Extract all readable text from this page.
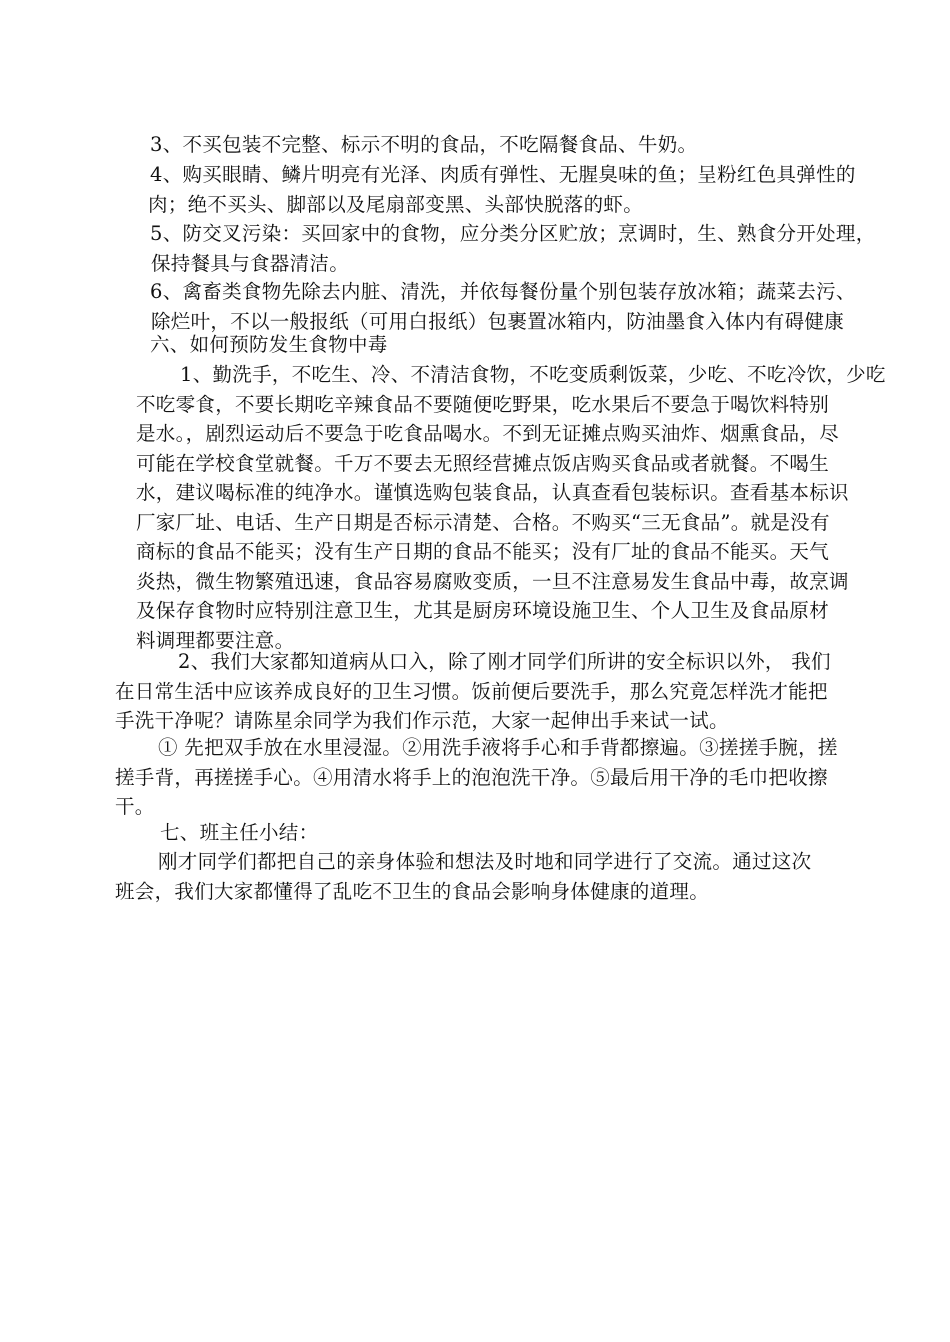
3、不买包装不完整、标示不明的食品，不吃隔餐食品、牛奶。
4、购买眼睛、鳞片明亮有光泽、肉质有弹性、无腥臭味的鱼；呈粉红色具弹性的
肉；绝不买头、脚部以及尾扇部变黑、头部快脱落的虾。
5、防交叉污染：买回家中的食物，应分类分区贮放；烹调时，生、熟食分开处理，
保持餐具与食器清洁。
6、禽畜类食物先除去内脏、清洗，并依每餐份量个别包装存放冰箱；蔬菜去污、
除烂叶，不以一般报纸（可用白报纸）包裹置冰箱内，防油墨食入体内有碍健康
六、如何预防发生食物中毒
1、勤洗手，不吃生、冷、不清洁食物，不吃变质剩饭菜，少吃、不吃冷饮，少吃
不吃零食，不要长期吃辛辣食品不要随便吃野果，吃水果后不要急于喝饮料特别
是水。，剧烈运动后不要急于吃食品喝水。不到无证摊点购买油炸、烟熏食品，尽
可能在学校食堂就餐。千万不要去无照经营摊点饭店购买食品或者就餐。不喝生
水，建议喝标准的纯净水。谨慎选购包装食品，认真查看包装标识。查看基本标识
厂家厂址、电话、生产日期是否标示清楚、合格。不购买“三无食品”。就是没有
商标的食品不能买；没有生产日期的食品不能买；没有厂址的食品不能买。天气
炎热，微生物繁殖迅速，食品容易腐败变质，一旦不注意易发生食品中毒，故烹调
及保存食物时应特别注意卫生，尤其是厨房环境设施卫生、个人卫生及食品原材
料调理都要注意。
2、我们大家都知道病从口入，除了刚才同学们所讲的安全标识以外， 我们
在日常生活中应该养成良好的卫生习惯。饭前便后要洗手，那么究竟怎样洗才能把
手洗干净呢？请陈星余同学为我们作示范，大家一起伸出手来试一试。
① 先把双手放在水里浸湿。②用洗手液将手心和手背都擦遍。③搓搓手腕，搓
搓手背，再搓搓手心。④用清水将手上的泡泡洗干净。⑤最后用干净的毛巾把收擦
干。
七、班主任小结：
刚才同学们都把自己的亲身体验和想法及时地和同学进行了交流。通过这次
班会，我们大家都懂得了乱吃不卫生的食品会影响身体健康的道理。
